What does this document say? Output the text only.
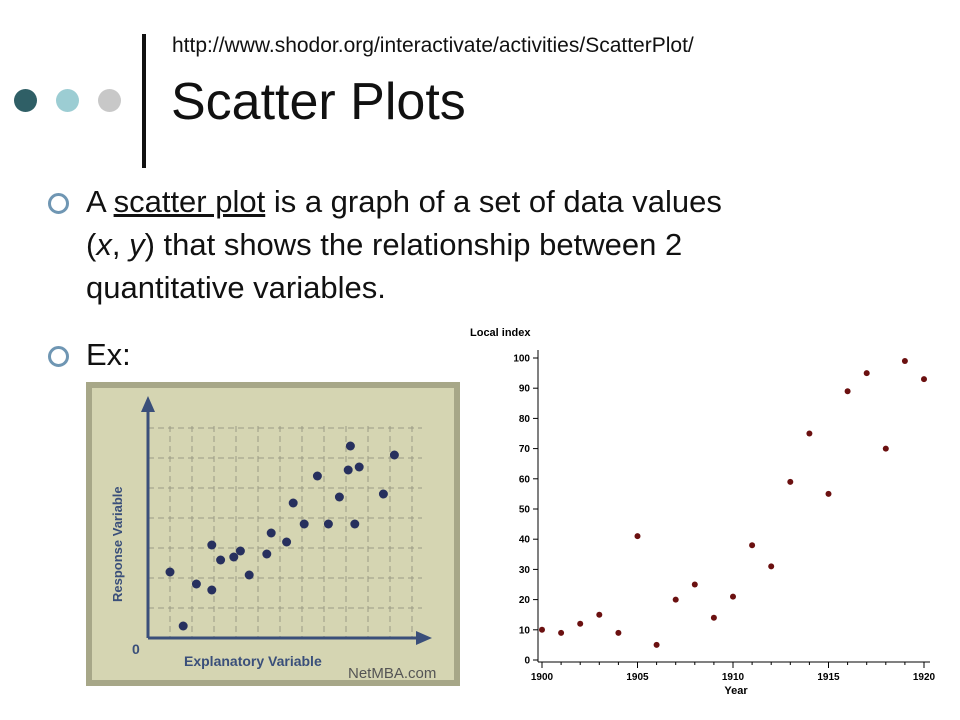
http://www.shodor.org/interactivate/activities/ScatterPlot/
Scatter Plots
A scatter plot is a graph of a set of data values
(x, y) that shows the relationship between 2
quantitative variables.
Ex:
Explanatory Variable
Response Variable
0
NetMBA.com
Local index
0
10
20
30
40
50
60
70
80
90
100
1900	1905	1910	1915	1920
Year
